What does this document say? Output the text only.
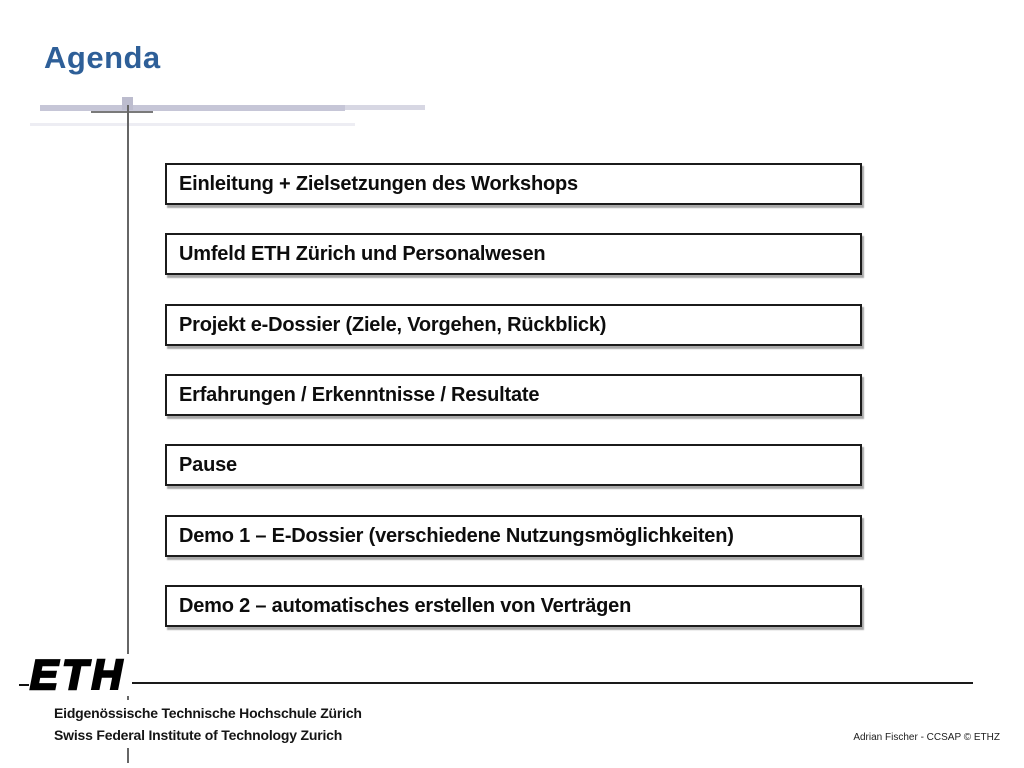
Agenda
Einleitung + Zielsetzungen des Workshops
Umfeld ETH Zürich und Personalwesen
Projekt e-Dossier (Ziele, Vorgehen, Rückblick)
Erfahrungen / Erkenntnisse / Resultate
Pause
Demo 1 – E-Dossier (verschiedene Nutzungsmöglichkeiten)
Demo 2 – automatisches erstellen von Verträgen
ETH
Eidgenössische Technische Hochschule Zürich
Swiss Federal Institute of Technology Zurich	Adrian Fischer - CCSAP © ETHZ
